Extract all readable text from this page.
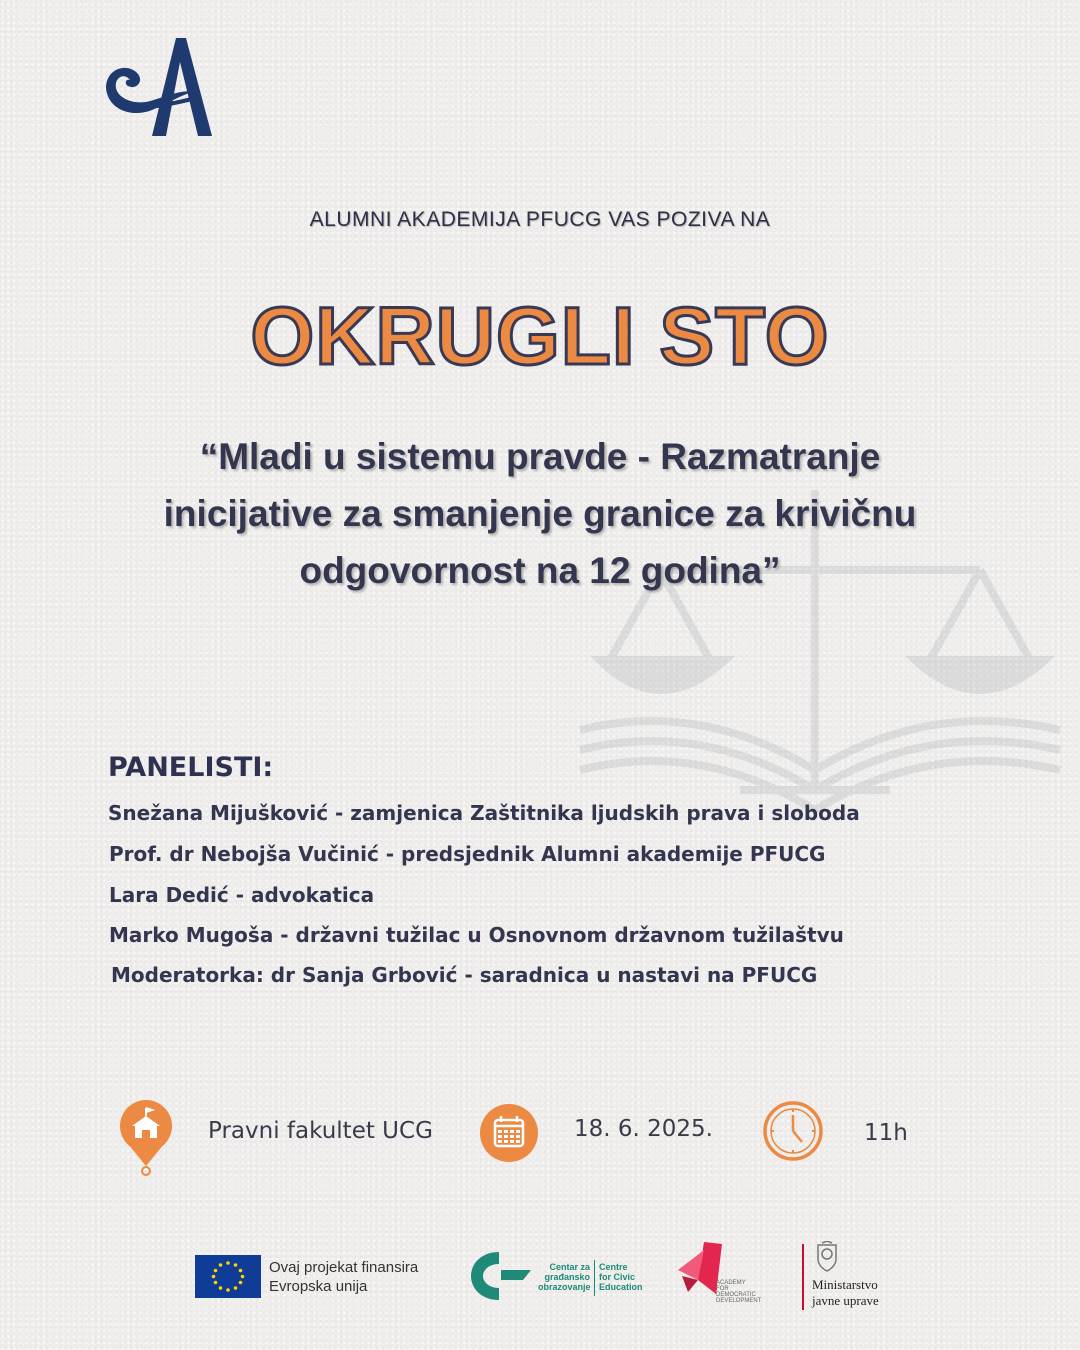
ALUMNI AKADEMIJA PFUCG VAS POZIVA NA
OKRUGLI STO
“Mladi u sistemu pravde - Razmatranje
inicijative za smanjenje granice za krivičnu
odgovornost na 12 godina”
PANELISTI:
Snežana Mijušković - zamjenica Zaštitnika ljudskih prava i sloboda
Prof. dr Nebojša Vučinić - predsjednik Alumni akademije PFUCG
Lara Dedić - advokatica
Marko Mugoša - državni tužilac u Osnovnom državnom tužilaštvu
Moderatorka: dr Sanja Grbović - saradnica u nastavi na PFUCG
Pravni fakultet UCG	18. 6. 2025.	11h
Ovaj projekat finansira
Evropska unija
Centar za
građansko
obrazovanje
Centre
for Civic
Education	ACADEMY
FOR
DEMOCRATIC
DEVELOPMENT
Ministarstvo
javne uprave
